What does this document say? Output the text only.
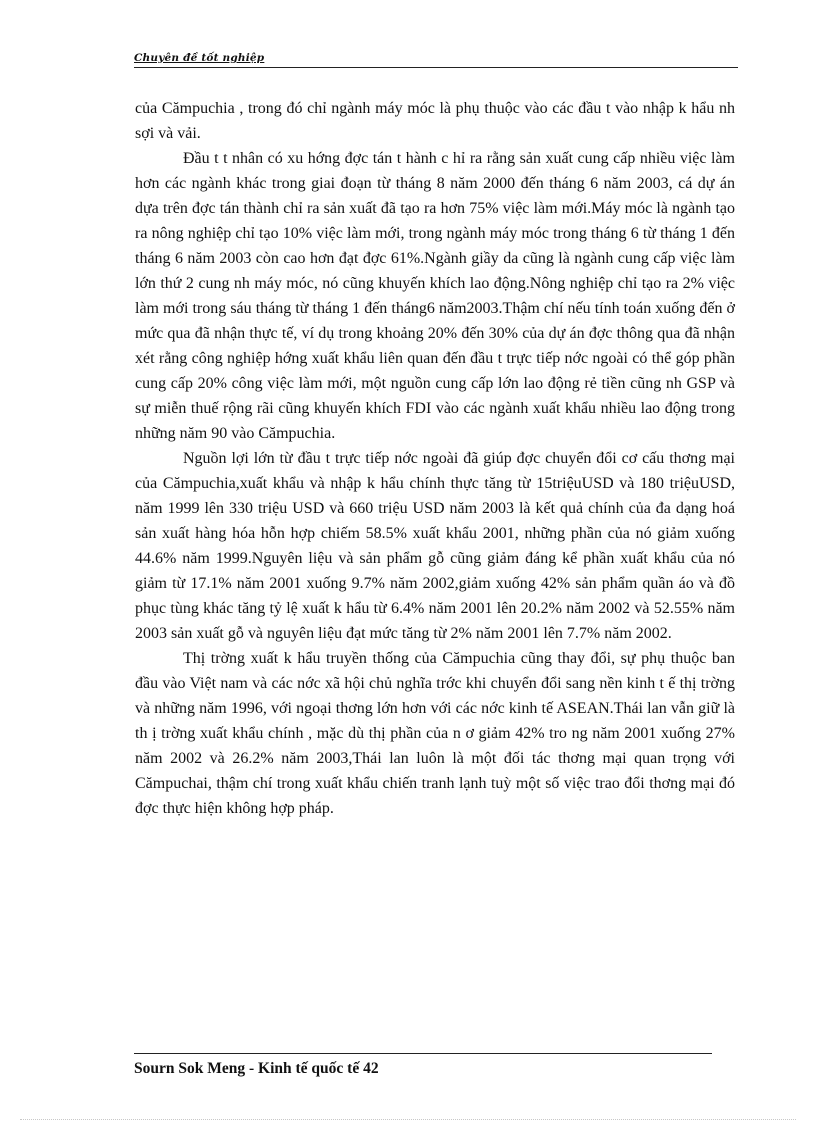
Chuyên đề tốt nghiệp

của Cămpuchia , trong đó chỉ ngành máy móc là phụ thuộc vào các đầu t vào nhập k hẩu nh sợi và vải.

Đầu t t nhân có xu hớng đợc tán t hành c hỉ ra rằng sản xuất cung cấp nhiều việc làm hơn các ngành khác trong giai đoạn từ tháng 8 năm 2000 đến tháng 6 năm 2003, cá dự án dựa trên đợc tán thành chỉ ra sản xuất đã tạo ra hơn 75% việc làm mới.Máy móc là ngành tạo ra nông nghiệp chỉ tạo 10% việc làm mới, trong ngành máy móc trong tháng 6 từ tháng 1 đến tháng 6 năm 2003 còn cao hơn đạt đợc 61%.Ngành giầy da cũng là ngành cung cấp việc làm lớn thứ 2 cung nh máy móc, nó cũng khuyến khích lao động.Nông nghiệp chỉ tạo ra 2% việc làm mới trong sáu tháng từ tháng 1 đến tháng6 năm2003.Thậm chí nếu tính toán xuống đến ở mức qua đã nhận thực tế, ví dụ trong khoảng 20% đến 30% của dự án đợc thông qua đã nhận xét rằng công nghiệp hớng xuất khẩu liên quan đến đầu t trực tiếp nớc ngoài có thể góp phần cung cấp 20% công việc làm mới, một nguồn cung cấp lớn lao động rẻ tiền cũng nh GSP và sự miễn thuế rộng rãi cũng khuyến khích FDI vào các ngành xuất khẩu nhiều lao động trong những năm 90 vào Cămpuchia.

Nguồn lợi lớn từ đầu t trực tiếp nớc ngoài đã giúp đợc chuyển đổi cơ cấu thơng mại của Cămpuchia,xuất khẩu và nhập k hẩu chính thực tăng từ 15triệuUSD và 180 triệuUSD, năm 1999 lên 330 triệu USD và 660 triệu USD năm 2003 là kết quả chính của đa dạng hoá sản xuất hàng hóa hỗn hợp chiếm 58.5% xuất khẩu 2001, những phần của nó giảm xuống 44.6% năm 1999.Nguyên liệu và sản phẩm gỗ cũng giảm đáng kể phần xuất khẩu của nó giảm từ 17.1% năm 2001 xuống 9.7% năm 2002,giảm xuống 42% sản phẩm quần áo và đồ phục tùng khác tăng tỷ lệ xuất k hẩu từ 6.4% năm 2001 lên 20.2% năm 2002 và 52.55% năm 2003 sản xuất gỗ và nguyên liệu đạt mức tăng từ 2% năm 2001 lên 7.7% năm 2002.

Thị trờng xuất k hẩu truyền thống của Cămpuchia cũng thay đổi, sự phụ thuộc ban đầu vào Việt nam và các nớc xã hội chủ nghĩa trớc khi chuyển đổi sang nền kinh t ế thị trờng và những năm 1996, với ngoại thơng lớn hơn với các nớc kinh tế ASEAN.Thái lan vẫn giữ là th ị trờng xuất khẩu chính , mặc dù thị phần của n ơ giảm 42% tro ng năm 2001 xuống 27% năm 2002 và 26.2% năm 2003,Thái lan luôn là một đối tác thơng mại quan trọng với Cămpuchai, thậm chí trong xuất khẩu chiến tranh lạnh tuỳ một số việc trao đổi thơng mại đó đợc thực hiện không hợp pháp.

Sourn Sok Meng - Kinh tế quốc tế 42
